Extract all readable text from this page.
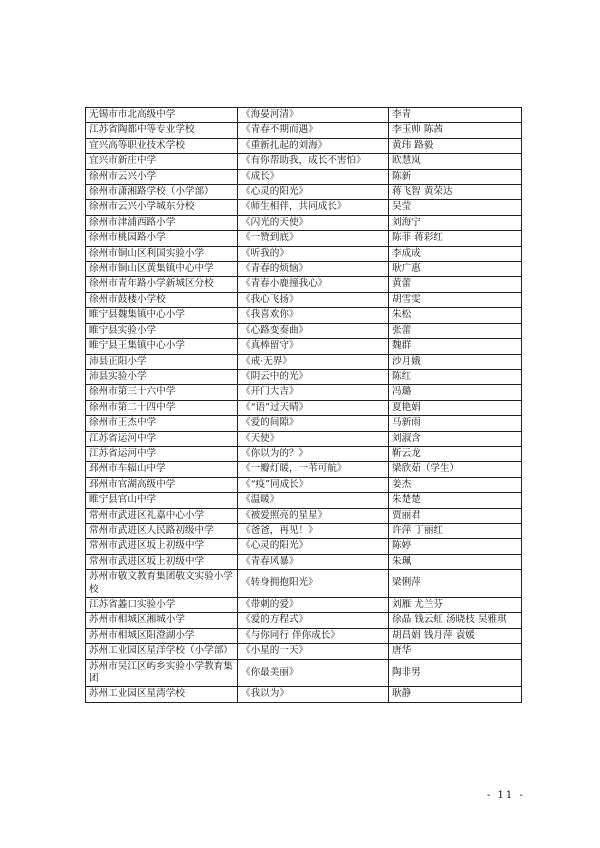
无锡市市北高级中学	《海晏河清》	李青
江苏省陶都中等专业学校	《青春不期而遇》	李玉帅 陈茜
宜兴高等职业技术学校	《重新扎起的刘海》	黄玮 路毅
宜兴市新庄中学	《有你帮助我，成长不害怕》	欧慧岚
徐州市云兴小学	《成长》	陈新
徐州市潇湘路学校（小学部）	《心灵的阳光》	蒋飞智 黄荣达
徐州市云兴小学城东分校	《师生相伴，共同成长》	吴莹
徐州市津浦西路小学	《闪光的天使》	刘海宁
徐州市桃园路小学	《一赞到底》	陈菲 蒋彩红
徐州市铜山区利国实验小学	《听我的》	李成成
徐州市铜山区黄集镇中心中学	《青春的烦恼》	耿广惠
徐州市青年路小学新城区分校	《青春小鹿撞我心》	黄蕾
徐州市鼓楼小学校	《我心飞扬》	胡雪雯
睢宁县魏集镇中心小学	《我喜欢你》	朱松
睢宁县实验小学	《心路变奏曲》	张蕾
睢宁县王集镇中心小学	《真棒留守》	魏群
沛县正阳小学	《戒·无界》	沙月娥
沛县实验小学	《阴云中的光》	陈红
徐州市第三十六中学	《开门大吉》	冯璐
徐州市第二十四中学	《“语”过天晴》	夏艳娟
徐州市王杰中学	《爱的间隙》	马新雨
江苏省运河中学	《天使》	刘淑含
江苏省运河中学	《你以为的？》	靳云龙
邳州市车辐山中学	《一瓣灯暖，一苇可航》	梁欣茹（学生）
邳州市官湖高级中学	《“疫”同成长》	姜杰
睢宁县官山中学	《温暖》	朱楚楚
常州市武进区礼嘉中心小学	《被爱照亮的星星》	贾丽君
常州市武进区人民路初级中学	《爸爸，再见！》	许萍 丁丽红
常州市武进区坂上初级中学	《心灵的阳光》	陈婷
常州市武进区坂上初级中学	《青春风暴》	朱珮
苏州市敬文教育集团敬文实验小学校	《转身拥抱阳光》	梁俐萍
江苏省蠡口实验小学	《带刺的爱》	刘雁 尤兰芬
苏州市相城区湘城小学	《爱的方程式》	徐晶 钱云虹 汤晓枝 吴雅琪
苏州市相城区阳澄湖小学	《与你同行 伴你成长》	胡昌娟 钱月萍 袁媛
苏州工业园区星洋学校（小学部）	《小星的一天》	唐华
苏州市吴江区屿乡实验小学教育集团	《你最美丽》	陶非男
苏州工业园区星湾学校	《我以为》	耿静
- 11 -
